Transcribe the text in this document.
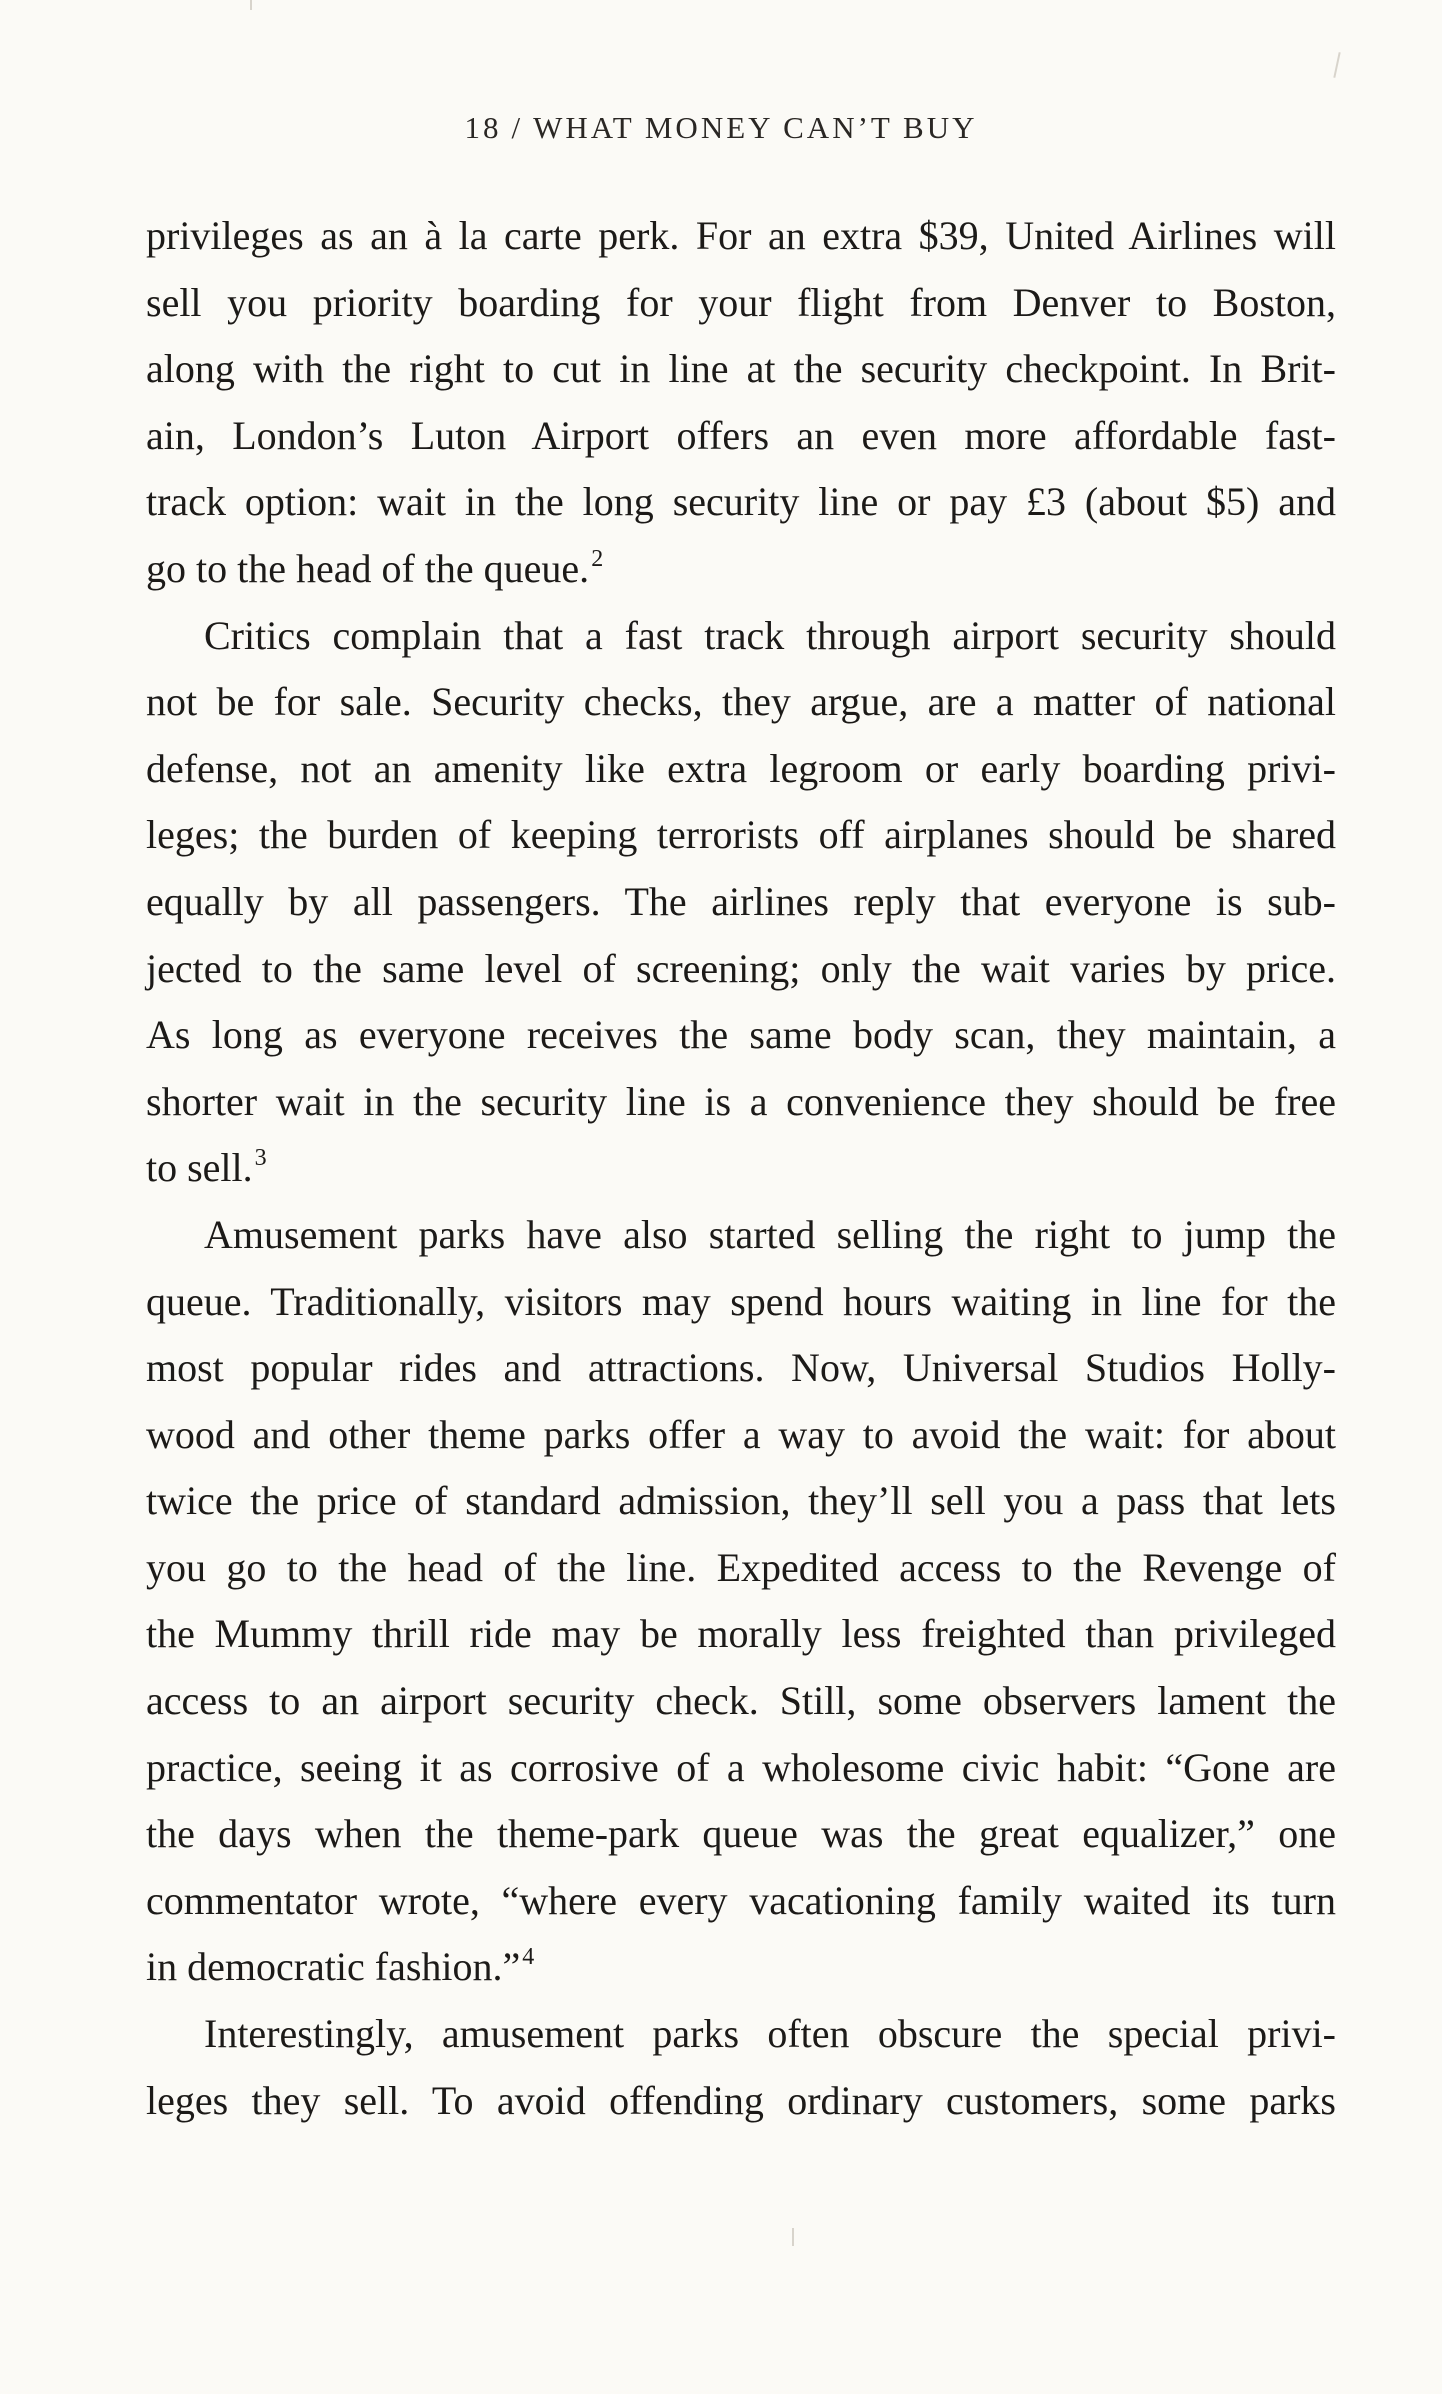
18 / WHAT MONEY CAN’T BUY
privileges as an à la carte perk. For an extra $39, United Airlines will
sell you priority boarding for your flight from Denver to Boston,
along with the right to cut in line at the security checkpoint. In Brit-
ain, London’s Luton Airport offers an even more affordable fast-
track option: wait in the long security line or pay £3 (about $5) and
go to the head of the queue.$^2$
Critics complain that a fast track through airport security should
not be for sale. Security checks, they argue, are a matter of national
defense, not an amenity like extra legroom or early boarding privi-
leges; the burden of keeping terrorists off airplanes should be shared
equally by all passengers. The airlines reply that everyone is sub-
jected to the same level of screening; only the wait varies by price.
As long as everyone receives the same body scan, they maintain, a
shorter wait in the security line is a convenience they should be free
to sell.$^3$
Amusement parks have also started selling the right to jump the
queue. Traditionally, visitors may spend hours waiting in line for the
most popular rides and attractions. Now, Universal Studios Holly-
wood and other theme parks offer a way to avoid the wait: for about
twice the price of standard admission, they’ll sell you a pass that lets
you go to the head of the line. Expedited access to the Revenge of
the Mummy thrill ride may be morally less freighted than privileged
access to an airport security check. Still, some observers lament the
practice, seeing it as corrosive of a wholesome civic habit: “Gone are
the days when the theme-park queue was the great equalizer,” one
commentator wrote, “where every vacationing family waited its turn
in democratic fashion.”$^4$
Interestingly, amusement parks often obscure the special privi-
leges they sell. To avoid offending ordinary customers, some parks
